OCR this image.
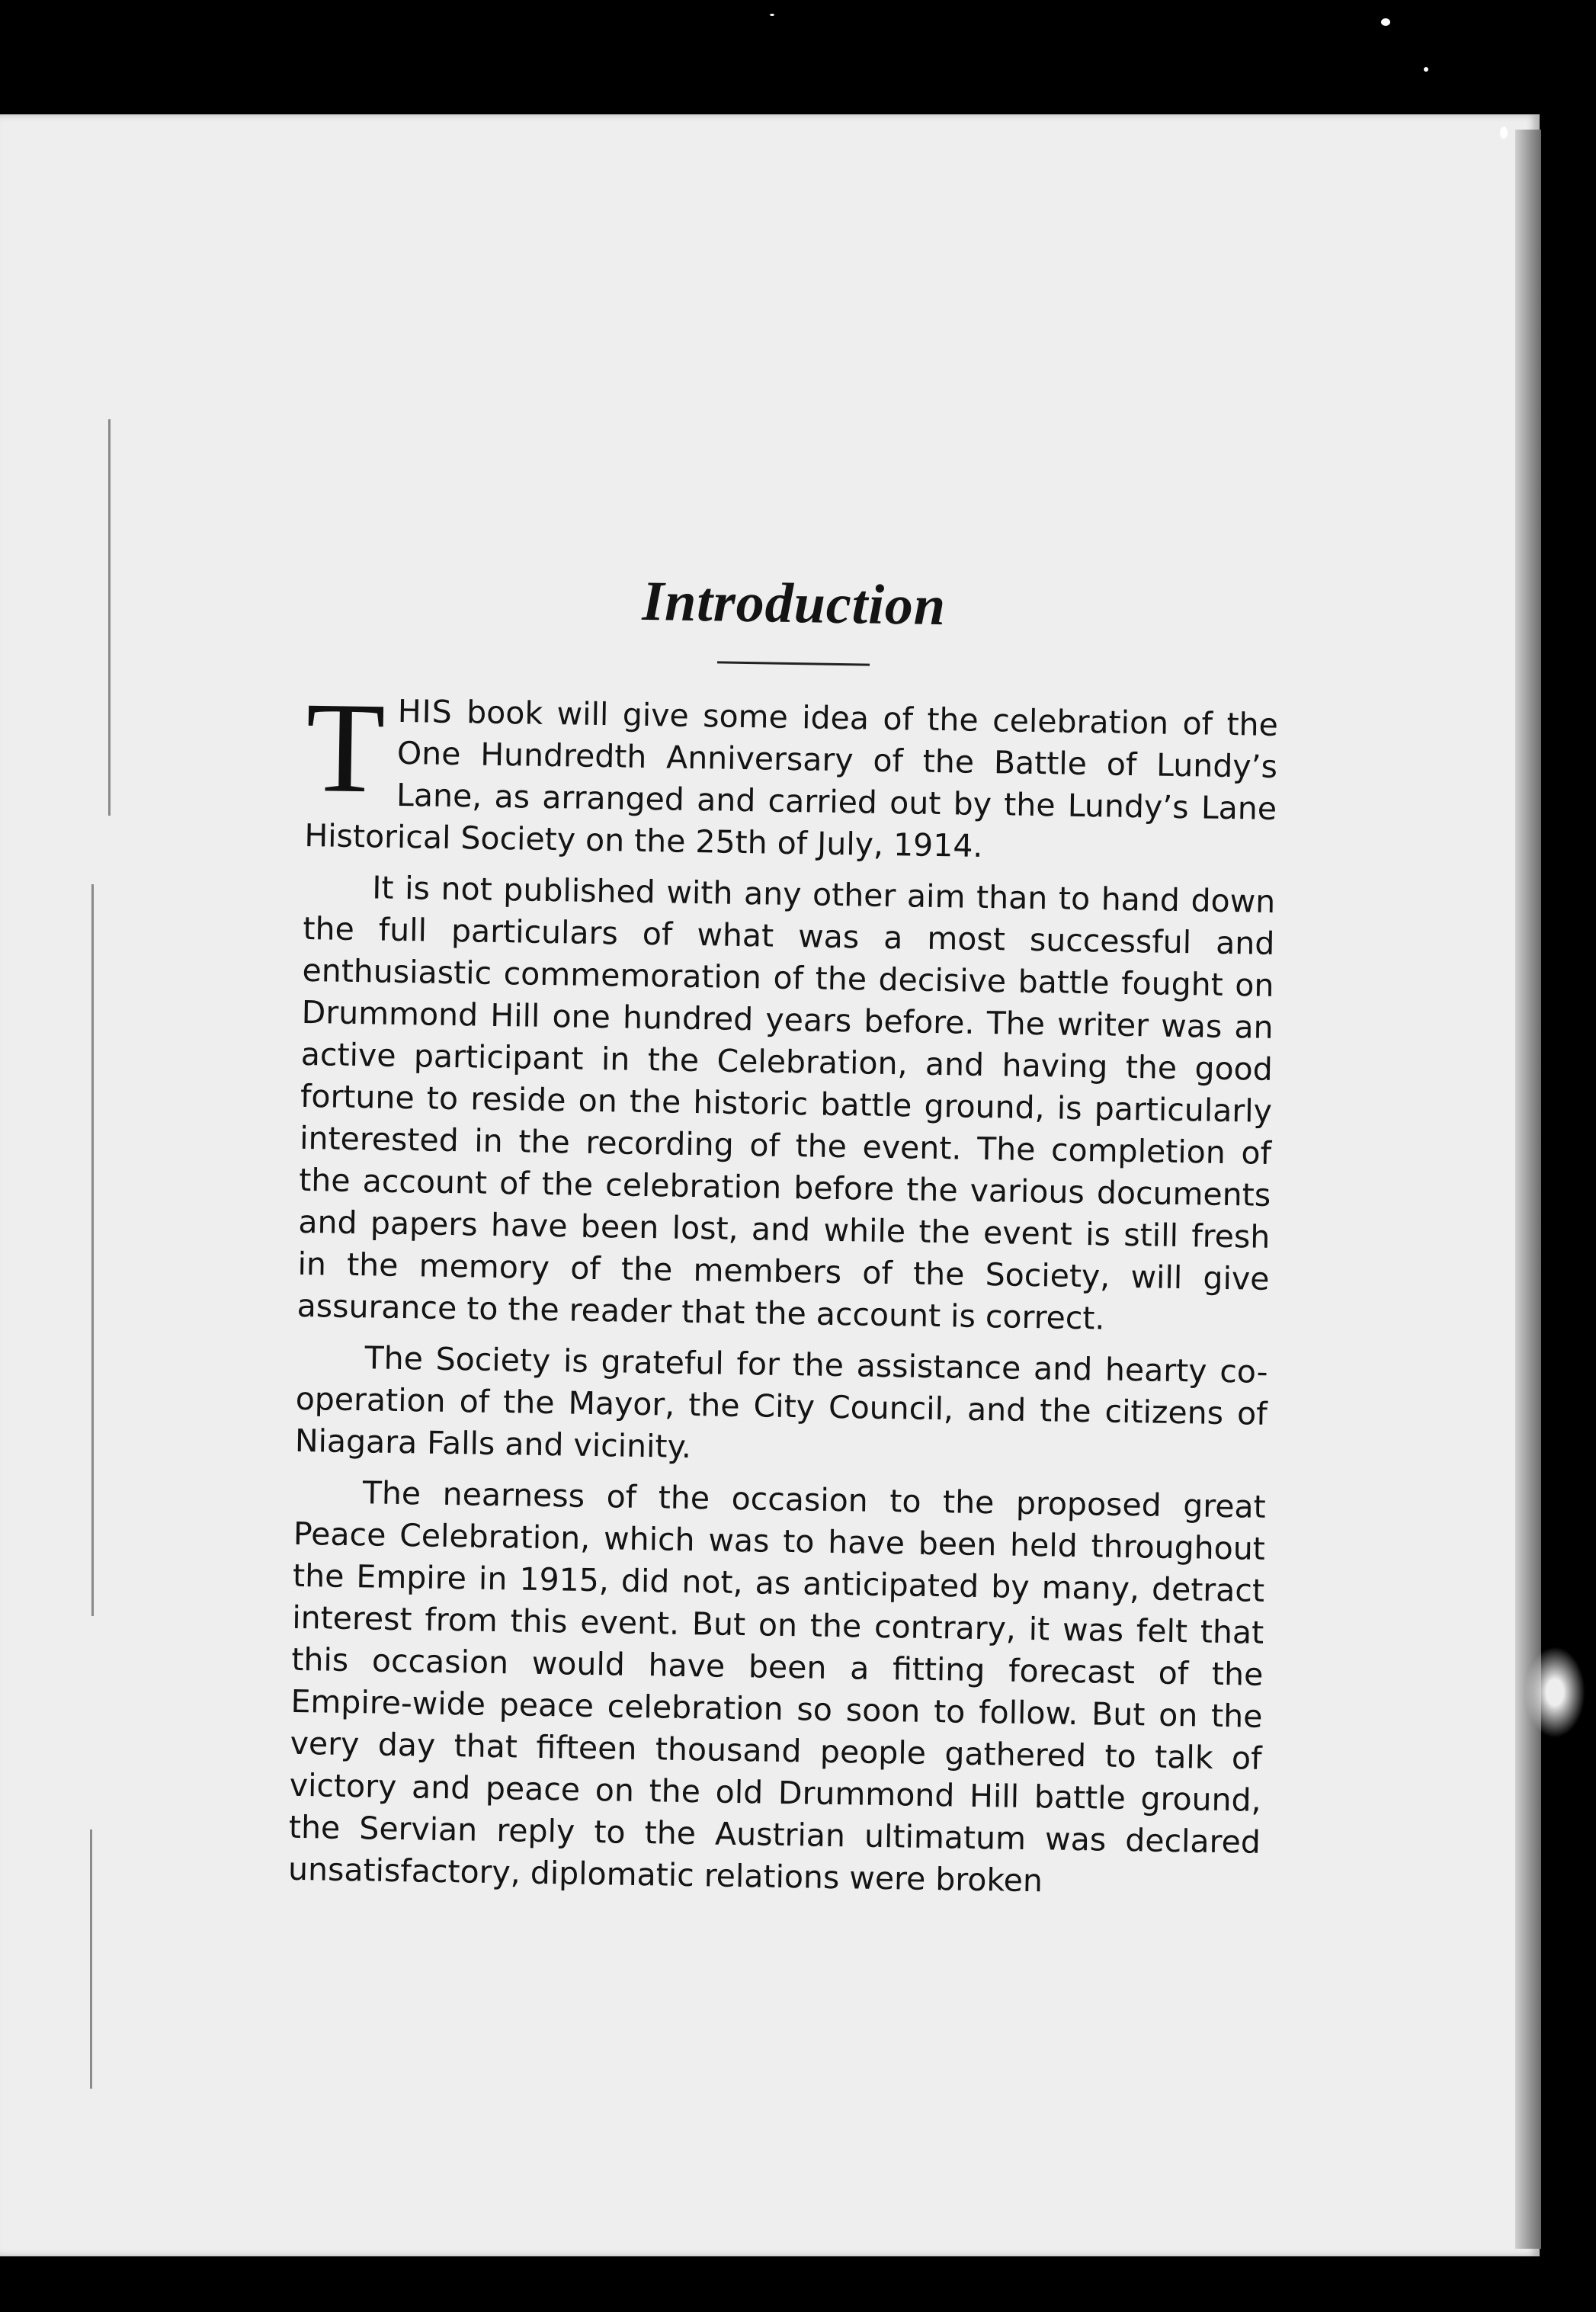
Introduction

THIS book will give some idea of the celebration of the One Hundredth Anniversary of the Battle of Lundy’s Lane, as arranged and carried out by the Lundy’s Lane Historical Society on the 25th of July, 1914.

It is not published with any other aim than to hand down the full particulars of what was a most successful and enthusiastic commemoration of the decisive battle fought on Drummond Hill one hundred years before. The writer was an active participant in the Celebration, and having the good fortune to reside on the historic battle ground, is particularly interested in the recording of the event. The completion of the account of the celebration before the various documents and papers have been lost, and while the event is still fresh in the memory of the members of the Society, will give assurance to the reader that the account is correct.

The Society is grateful for the assistance and hearty co-operation of the Mayor, the City Council, and the citizens of Niagara Falls and vicinity.

The nearness of the occasion to the proposed great Peace Celebration, which was to have been held throughout the Empire in 1915, did not, as anticipated by many, detract interest from this event. But on the contrary, it was felt that this occasion would have been a fitting forecast of the Empire-wide peace celebration so soon to follow. But on the very day that fifteen thousand people gathered to talk of victory and peace on the old Drummond Hill battle ground, the Servian reply to the Austrian ultimatum was declared unsatisfactory, diplomatic relations were broken
